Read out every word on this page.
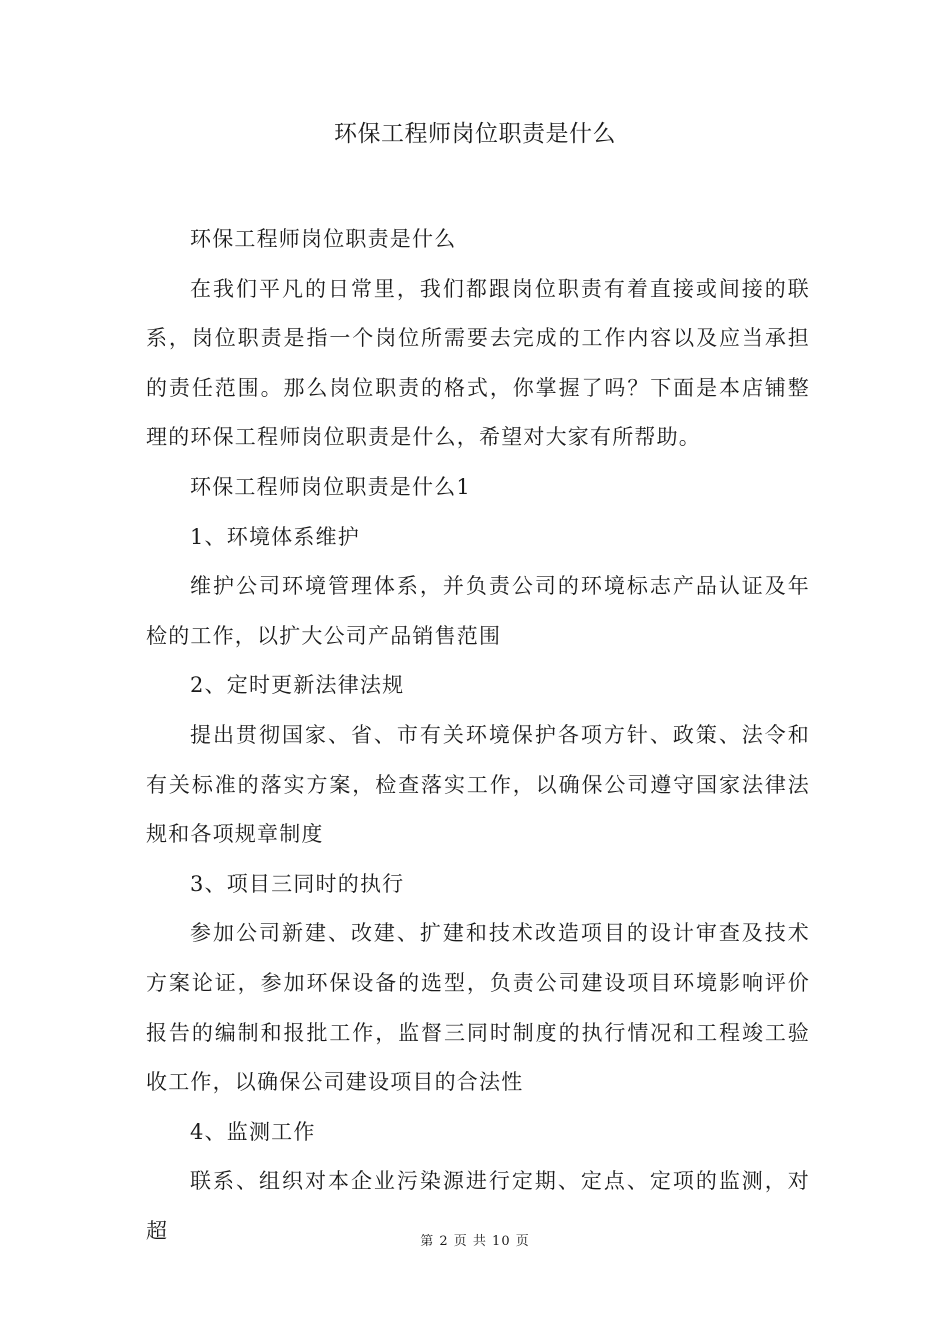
环保工程师岗位职责是什么

环保工程师岗位职责是什么

在我们平凡的日常里，我们都跟岗位职责有着直接或间接的联系，岗位职责是指一个岗位所需要去完成的工作内容以及应当承担的责任范围。那么岗位职责的格式，你掌握了吗？下面是本店铺整理的环保工程师岗位职责是什么，希望对大家有所帮助。

环保工程师岗位职责是什么1

1、环境体系维护

维护公司环境管理体系，并负责公司的环境标志产品认证及年检的工作，以扩大公司产品销售范围

2、定时更新法律法规

提出贯彻国家、省、市有关环境保护各项方针、政策、法令和有关标准的落实方案，检查落实工作，以确保公司遵守国家法律法规和各项规章制度

3、项目三同时的执行

参加公司新建、改建、扩建和技术改造项目的设计审查及技术方案论证，参加环保设备的选型，负责公司建设项目环境影响评价报告的编制和报批工作，监督三同时制度的执行情况和工程竣工验收工作，以确保公司建设项目的合法性

4、监测工作

联系、组织对本企业污染源进行定期、定点、定项的监测，对超	第 2 页 共 10 页
